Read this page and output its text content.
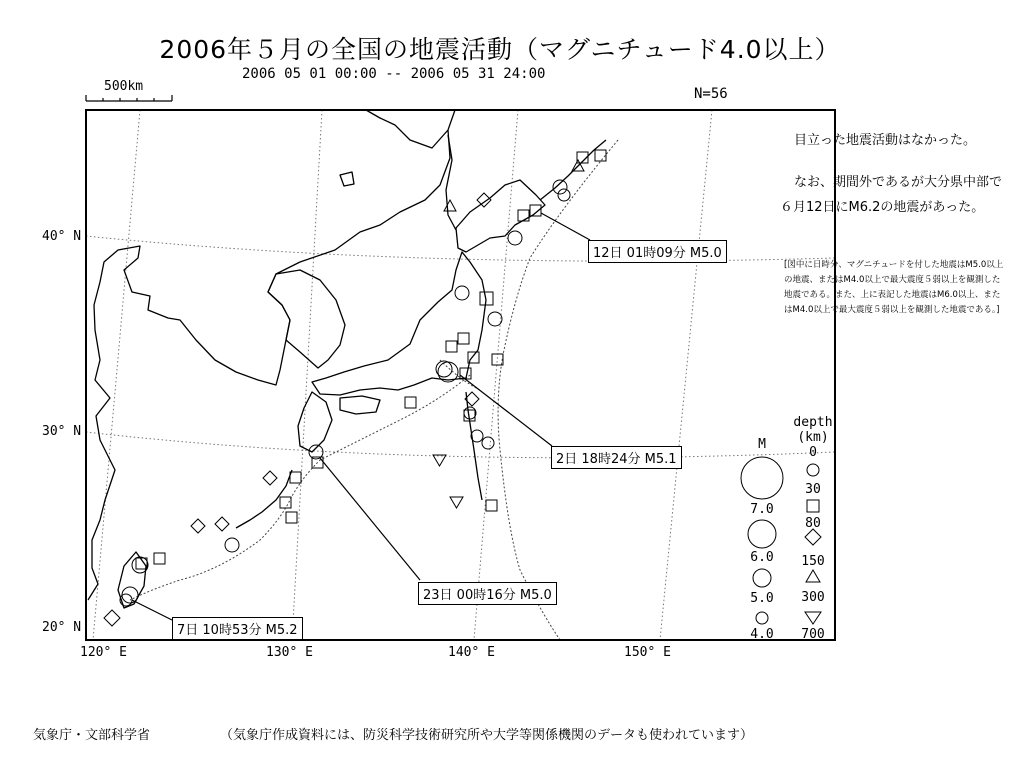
2006年５月の全国の地震活動（マグニチュード4.0以上）
2006 05 01 00:00 -- 2006 05 31 24:00
N=56
500km
40° N
30° N
20° N
120° E	130° E	140° E	150° E
12日 01時09分 M5.0
2日 18時24分 M5.1
23日 00時16分 M5.0
7日 10時53分 M5.2
M
7.0
6.0
5.0
4.0
depth
(km)
0
30
80
150
300
700
目立った地震活動はなかった。
なお、期間外であるが大分県中部で６月12日にM6.2の地震があった。
[図中に日時分、マグニチュードを付した地震はM5.0以上の地震、またはM4.0以上で最大震度５弱以上を観測した地震である。また、上に表記した地震はM6.0以上、またはM4.0以上で最大震度５弱以上を観測した地震である。]
気象庁・文部科学省	（気象庁作成資料には、防災科学技術研究所や大学等関係機関のデータも使われています）
